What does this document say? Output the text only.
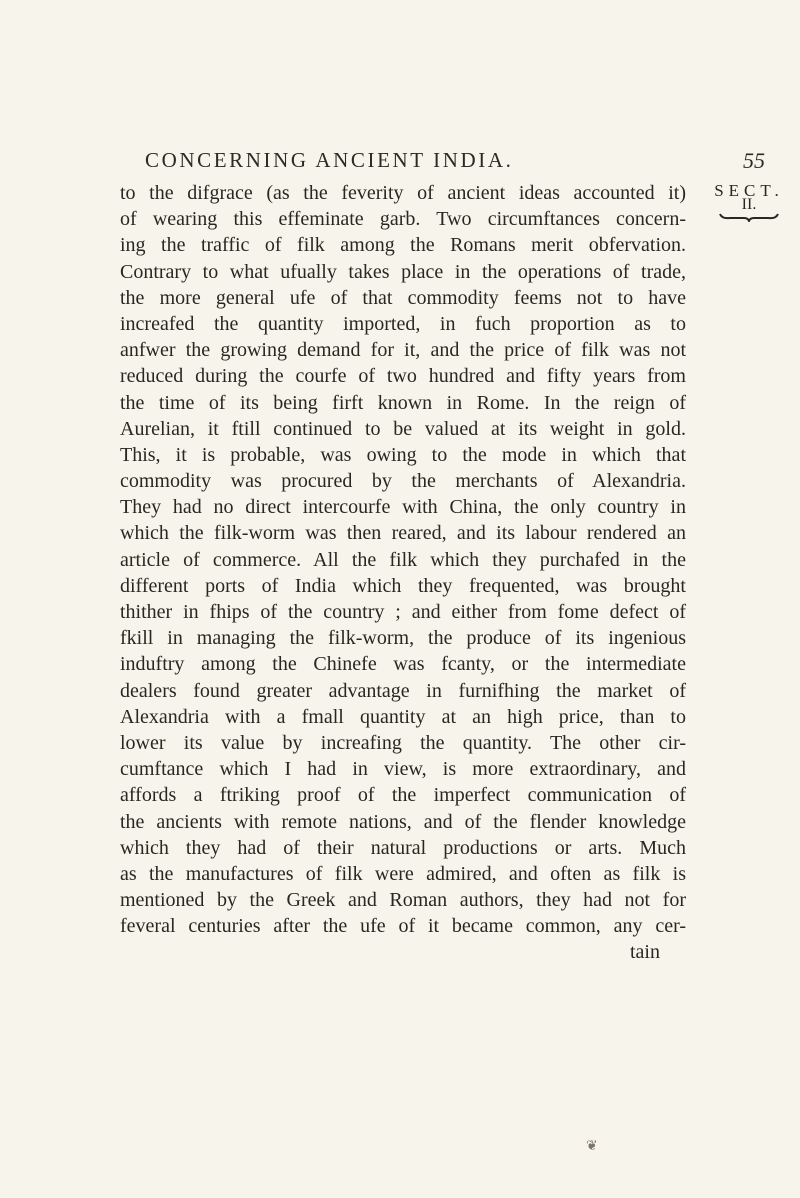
CONCERNING ANCIENT INDIA.	55
SECT.
II.
to the difgrace (as the feverity of ancient ideas accounted it)
of wearing this effeminate garb. Two circumftances concern-
ing the traffic of filk among the Romans merit obfervation.
Contrary to what ufually takes place in the operations of trade,
the more general ufe of that commodity feems not to have
increafed the quantity imported, in fuch proportion as to
anfwer the growing demand for it, and the price of filk was not
reduced during the courfe of two hundred and fifty years from
the time of its being firft known in Rome. In the reign of
Aurelian, it ftill continued to be valued at its weight in gold.
This, it is probable, was owing to the mode in which that
commodity was procured by the merchants of Alexandria.
They had no direct intercourfe with China, the only country in
which the filk-worm was then reared, and its labour rendered an
article of commerce. All the filk which they purchafed in the
different ports of India which they frequented, was brought
thither in fhips of the country ; and either from fome defect of
fkill in managing the filk-worm, the produce of its ingenious
induftry among the Chinefe was fcanty, or the intermediate
dealers found greater advantage in furnifhing the market of
Alexandria with a fmall quantity at an high price, than to
lower its value by increafing the quantity. The other cir-
cumftance which I had in view, is more extraordinary, and
affords a ftriking proof of the imperfect communication of
the ancients with remote nations, and of the flender knowledge
which they had of their natural productions or arts. Much
as the manufactures of filk were admired, and often as filk is
mentioned by the Greek and Roman authors, they had not for
feveral centuries after the ufe of it became common, any cer-
tain
❦
